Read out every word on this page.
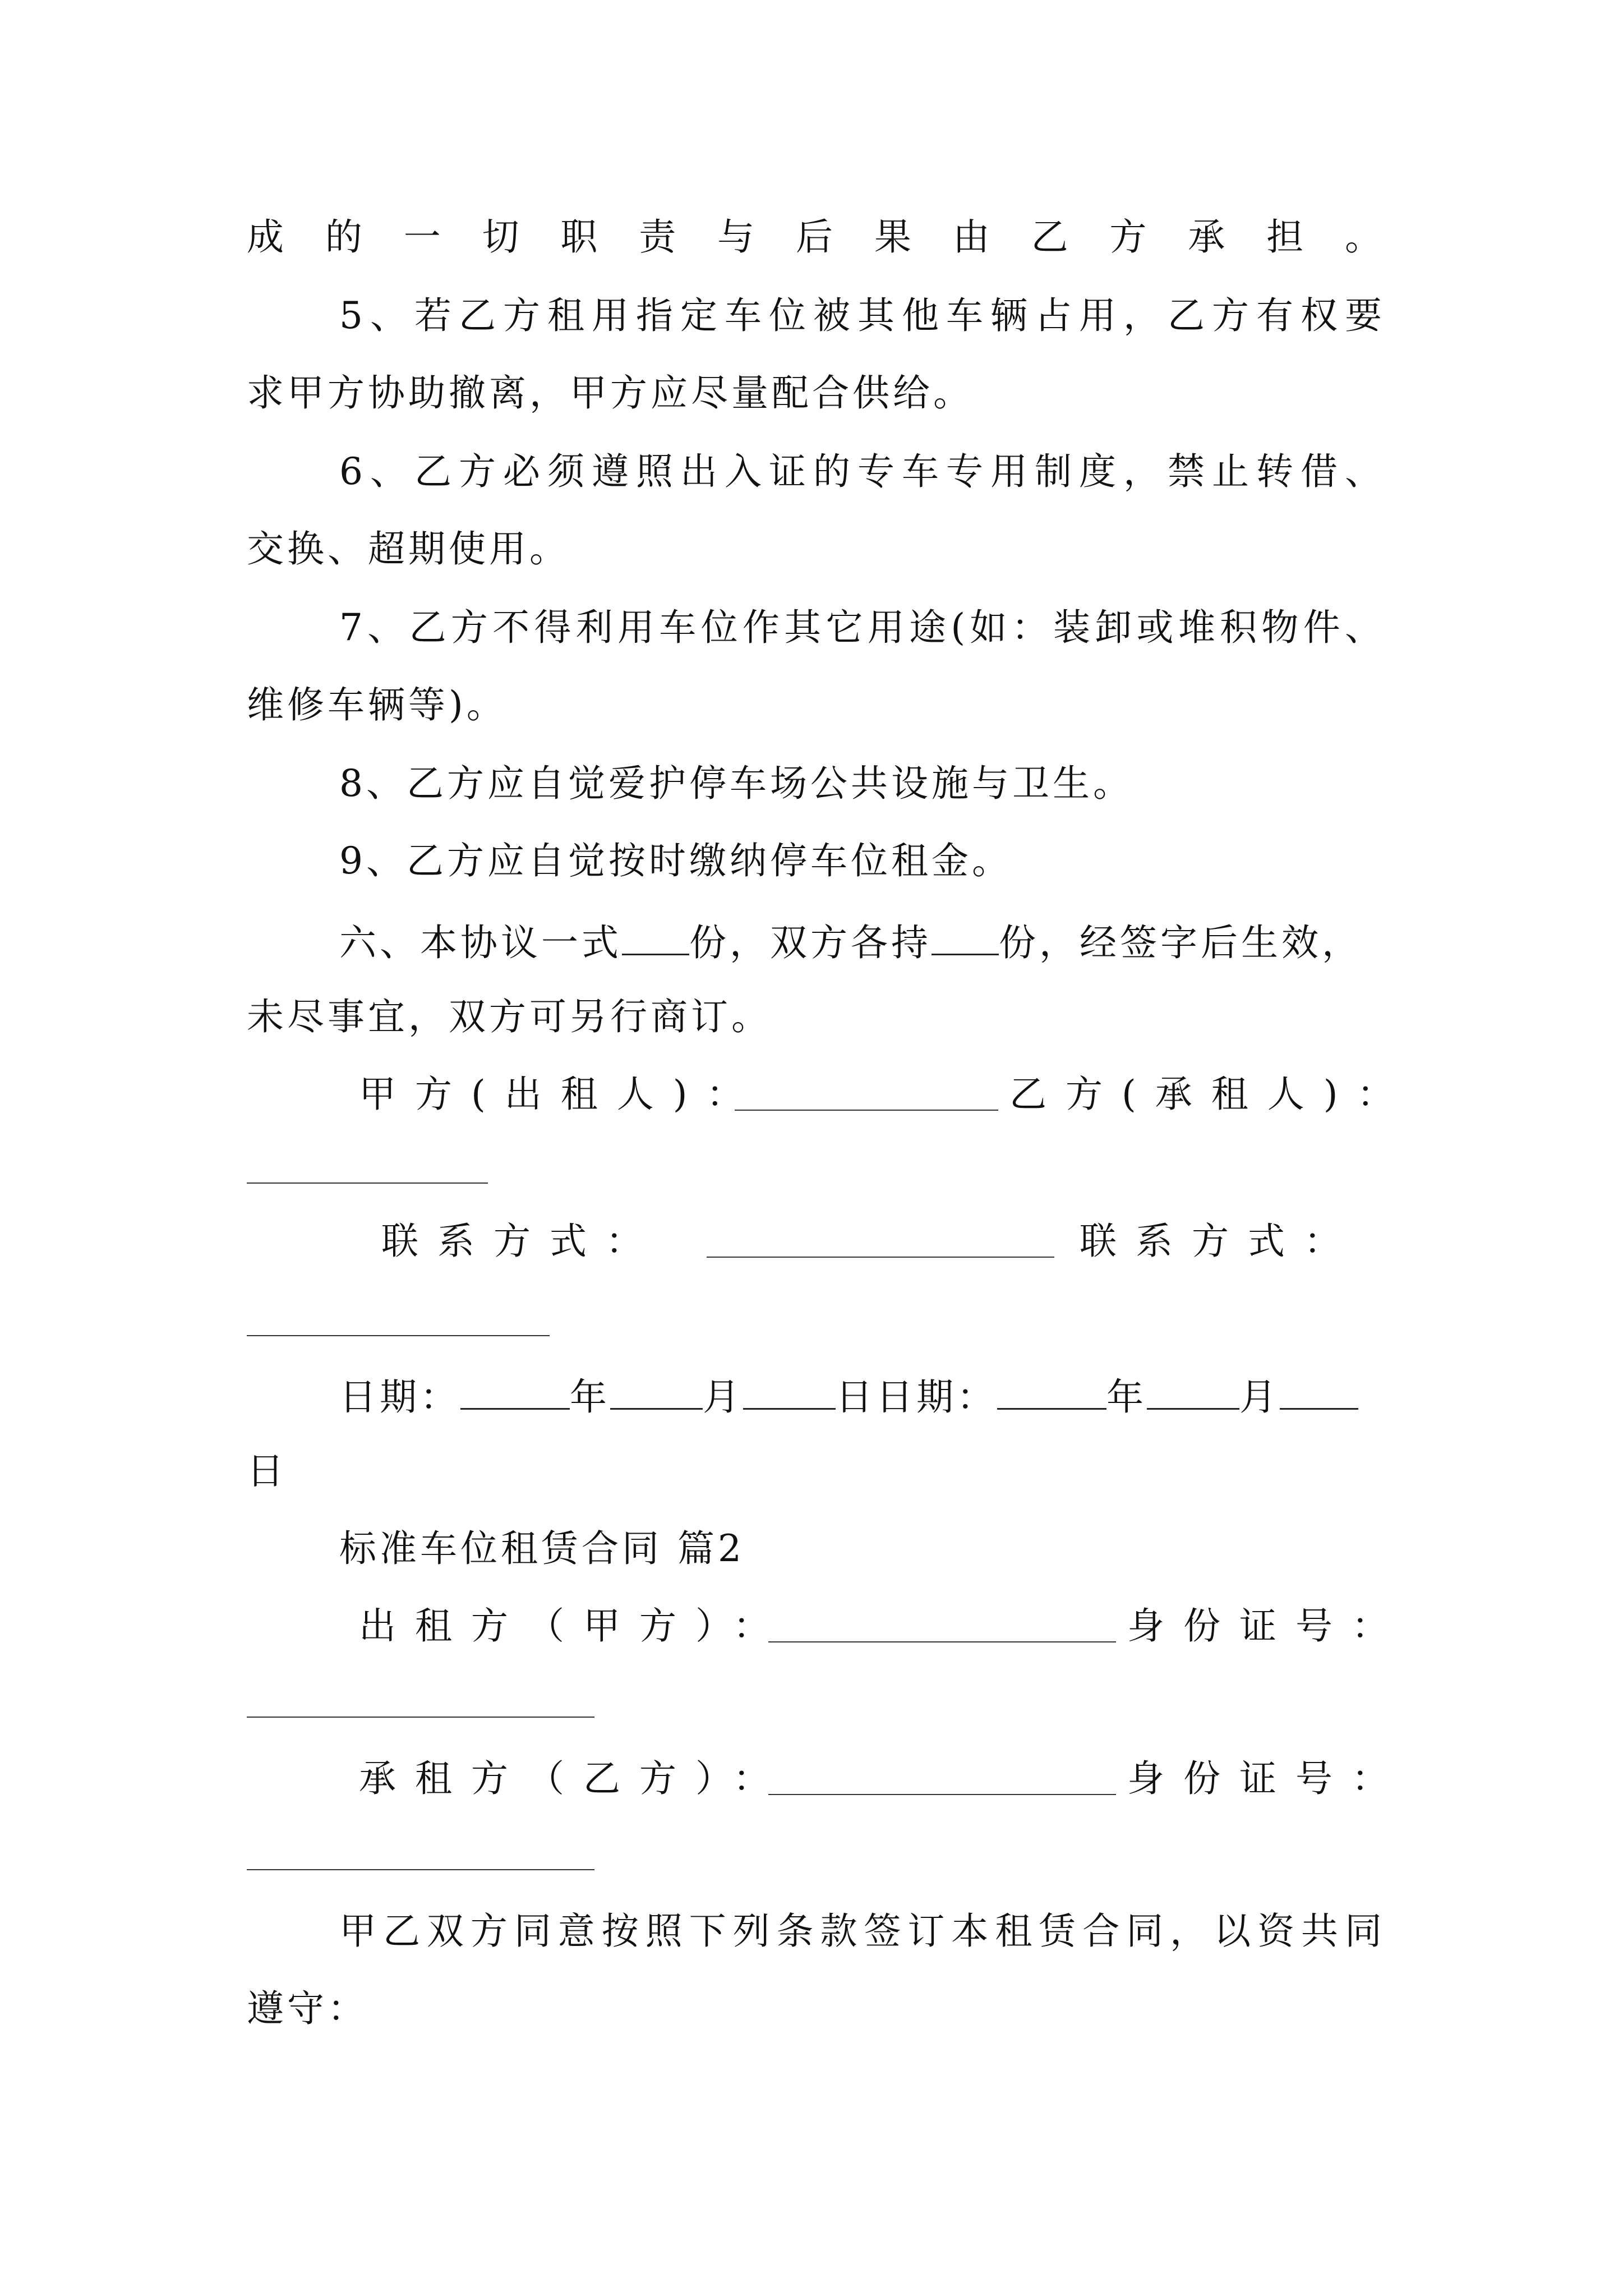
成的一切职责与后果由乙方承担。
5、若乙方租用指定车位被其他车辆占用，乙方有权要
求甲方协助撤离，甲方应尽量配合供给。
6、乙方必须遵照出入证的专车专用制度，禁止转借、
交换、超期使用。
7、乙方不得利用车位作其它用途(如：装卸或堆积物件、
维修车辆等)。
8、乙方应自觉爱护停车场公共设施与卫生。
9、乙方应自觉按时缴纳停车位租金。
六、本协议一式 份，双方各持 份，经签字后生效，
未尽事宜，双方可另行商订。
甲方(出租人)：	乙方(承租人)：
联系方式：	联系方式：
日期：	年	月	日日期：	年	月
日
标准车位租赁合同 篇2
出租方（甲方）：	身份证号：
承租方（乙方）：	身份证号：
甲乙双方同意按照下列条款签订本租赁合同，以资共同
遵守：
